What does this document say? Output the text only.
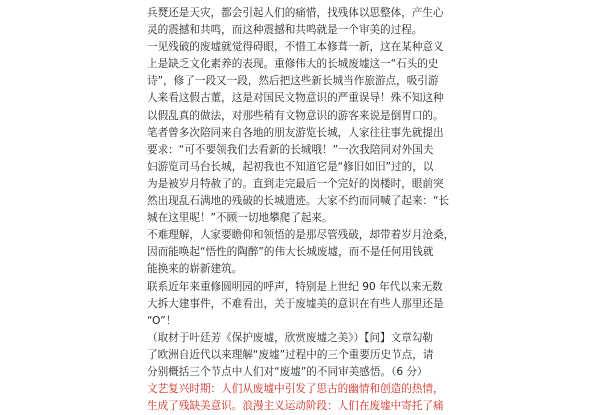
兵燹还是天灾，都会引起人们的痛惜，找残体以思整体，产生心
灵的震撼和共鸣，而这种震撼和共鸣就是一个审美的过程。
一见残破的废墟就觉得碍眼，不惜工本修葺一新，这在某种意义
上是缺乏文化素养的表现。重修伟大的长城废墟这一“石头的史
诗”，修了一段又一段，然后把这些新长城当作旅游点，吸引游
人来看这假古董，这是对国民文物意识的严重误导！殊不知这种
以假乱真的做法，对那些稍有文物意识的游客来说是倒胃口的。
笔者曾多次陪同来自各地的朋友游览长城，人家往往事先就提出
要求：“可不要领我们去看新的长城哦！”一次我陪同对外国夫
妇游览司马台长城，起初我也不知道它是“修旧如旧”过的，以
为是被岁月特赦了的。直到走完最后一个完好的岗楼时，眼前突
然出现乱石满地的残破的长城遗迹。大家不约而同喊了起来：“长
城在这里呢！”不顾一切地攀爬了起来。
不难理解，人家要瞻仰和领悟的是那尽管残破，却带着岁月沧桑，
因而能唤起“悟性的陶醉”的伟大长城废墟，而不是任何用钱就
能换来的崭新建筑。
联系近年来重修圆明园的呼声，特别是上世纪 90 年代以来无数
大拆大建事件，不难看出，关于废墟美的意识在有些人那里还是
“O”！
（取材于叶廷芳《保护废墟，欣赏废墟之美》）【问】文章勾勒
了欧洲自近代以来理解“废墟”过程中的三个重要历史节点，请
分别概括三个节点中人们对“废墟”的不同审美感悟。（6 分）
文艺复兴时期：人们从废墟中引发了思古的幽情和创造的热情，
生成了残缺美意识。浪漫主义运动阶段：人们在废墟中寄托了痛
